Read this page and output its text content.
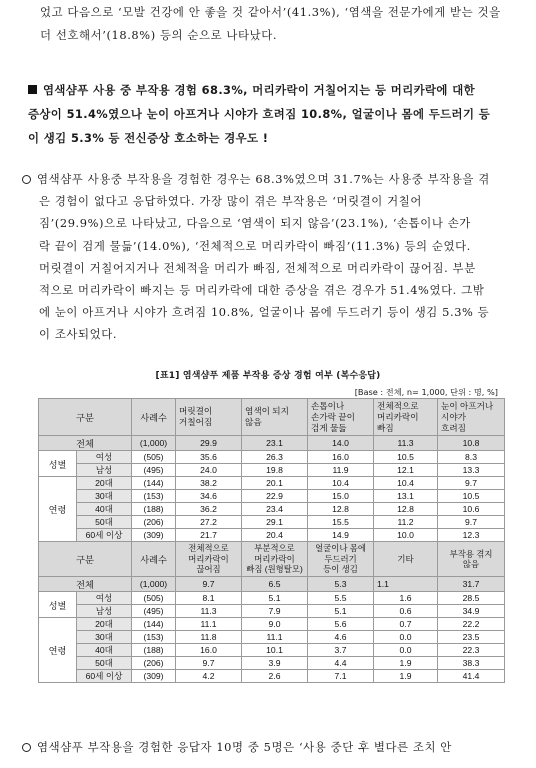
었고 다음으로 ‘모발 건강에 안 좋을 것 같아서’(41.3%), ‘염색을 전문가에게 받는 것을
더 선호해서’(18.8%) 등의 순으로 나타났다.
염색샴푸 사용 중 부작용 경험 68.3%, 머리카락이 거칠어지는 등 머리카락에 대한
증상이 51.4%였으나 눈이 아프거나 시야가 흐려짐 10.8%, 얼굴이나 몸에 두드러기 등
이 생김 5.3% 등 전신증상 호소하는 경우도 !
염색샴푸 사용중 부작용을 경험한 경우는 68.3%였으며 31.7%는 사용중 부작용을 겪
은 경험이 없다고 응답하였다. 가장 많이 겪은 부작용은 ‘머릿결이 거칠어
짐’(29.9%)으로 나타났고, 다음으로 ‘염색이 되지 않음’(23.1%), ‘손톱이나 손가
락 끝이 검게 물듦’(14.0%), ‘전체적으로 머리카락이 빠짐’(11.3%) 등의 순였다.
머릿결이 거칠어지거나 전체적을 머리가 빠짐, 전체적으로 머리카락이 끊어짐. 부분
적으로 머리카락이 빠지는 등 머리카락에 대한 증상을 겪은 경우가 51.4%였다. 그밖
에 눈이 아프거나 시야가 흐려짐 10.8%, 얼굴이나 몸에 두드러기 등이 생김 5.3% 등
이 조사되었다.
[표1] 염색샴푸 제품 부작용 증상 경험 여부 (복수응답)
[Base : 전체, n= 1,000, 단위 : 명, %]
구분		사례수	머릿결이
거칠어짐	염색이 되지
않음	손톱이나
손가락 끝이
검게 물듦	전체적으로
머리카락이
빠짐	눈이 아프거나
시야가
흐려짐
전체		(1,000)	29.9	23.1	14.0	11.3	10.8
성별	여성	(505)	35.6	26.3	16.0	10.5	8.3
	남성	(495)	24.0	19.8	11.9	12.1	13.3
연령	20대	(144)	38.2	20.1	10.4	10.4	9.7
	30대	(153)	34.6	22.9	15.0	13.1	10.5
	40대	(188)	36.2	23.4	12.8	12.8	10.6
	50대	(206)	27.2	29.1	15.5	11.2	9.7
	60세 이상	(309)	21.7	20.4	14.9	10.0	12.3
구분		사례수	전체적으로
머리카락이
끊어짐	부분적으로
머리카락이
빠짐 (원형탈모)	얼굴이나 몸에
두드러기
등이 생김	기타	부작용 겪지
않음
전체		(1,000)	9.7	6.5	5.3	1.1	31.7
성별	여성	(505)	8.1	5.1	5.5	1.6	28.5
	남성	(495)	11.3	7.9	5.1	0.6	34.9
연령	20대	(144)	11.1	9.0	5.6	0.7	22.2
	30대	(153)	11.8	11.1	4.6	0.0	23.5
	40대	(188)	16.0	10.1	3.7	0.0	22.3
	50대	(206)	9.7	3.9	4.4	1.9	38.3
	60세 이상	(309)	4.2	2.6	7.1	1.9	41.4
염색샴푸 부작용을 경험한 응답자 10명 중 5명은 ‘사용 중단 후 별다른 조치 안
